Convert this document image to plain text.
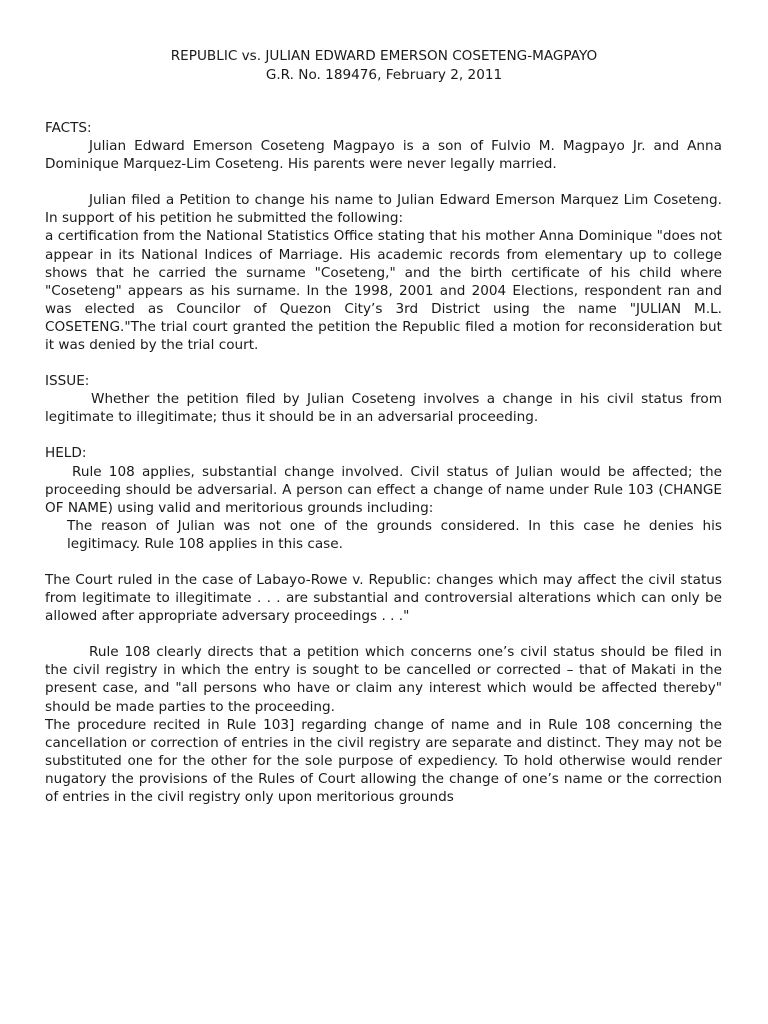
REPUBLIC vs. JULIAN EDWARD EMERSON COSETENG-MAGPAYO
G.R. No. 189476, February 2, 2011

FACTS:

Julian Edward Emerson Coseteng Magpayo is a son of Fulvio M. Magpayo Jr. and Anna Dominique Marquez-Lim Coseteng. His parents were never legally married.

Julian filed a Petition to change his name to Julian Edward Emerson Marquez Lim Coseteng. In support of his petition he submitted the following:

a certification from the National Statistics Office stating that his mother Anna Dominique "does not appear in its National Indices of Marriage. His academic records from elementary up to college shows that he carried the surname "Coseteng," and the birth certificate of his child where "Coseteng" appears as his surname. In the 1998, 2001 and 2004 Elections, respondent ran and was elected as Councilor of Quezon City’s 3rd District using the name "JULIAN M.L. COSETENG."The trial court granted the petition the Republic filed a motion for reconsideration but it was denied by the trial court.

ISSUE:

Whether the petition filed by Julian Coseteng involves a change in his civil status from legitimate to illegitimate; thus it should be in an adversarial proceeding.

HELD:

Rule 108 applies, substantial change involved. Civil status of Julian would be affected; the proceeding should be adversarial. A person can effect a change of name under Rule 103 (CHANGE OF NAME) using valid and meritorious grounds including:

The reason of Julian was not one of the grounds considered. In this case he denies his legitimacy. Rule 108 applies in this case.

The Court ruled in the case of Labayo-Rowe v. Republic: changes which may affect the civil status from legitimate to illegitimate . . . are substantial and controversial alterations which can only be allowed after appropriate adversary proceedings . . ."

Rule 108 clearly directs that a petition which concerns one’s civil status should be filed in the civil registry in which the entry is sought to be cancelled or corrected – that of Makati in the present case, and "all persons who have or claim any interest which would be affected thereby" should be made parties to the proceeding.

The procedure recited in Rule 103] regarding change of name and in Rule 108 concerning the cancellation or correction of entries in the civil registry are separate and distinct. They may not be substituted one for the other for the sole purpose of expediency. To hold otherwise would render nugatory the provisions of the Rules of Court allowing the change of one’s name or the correction of entries in the civil registry only upon meritorious grounds
